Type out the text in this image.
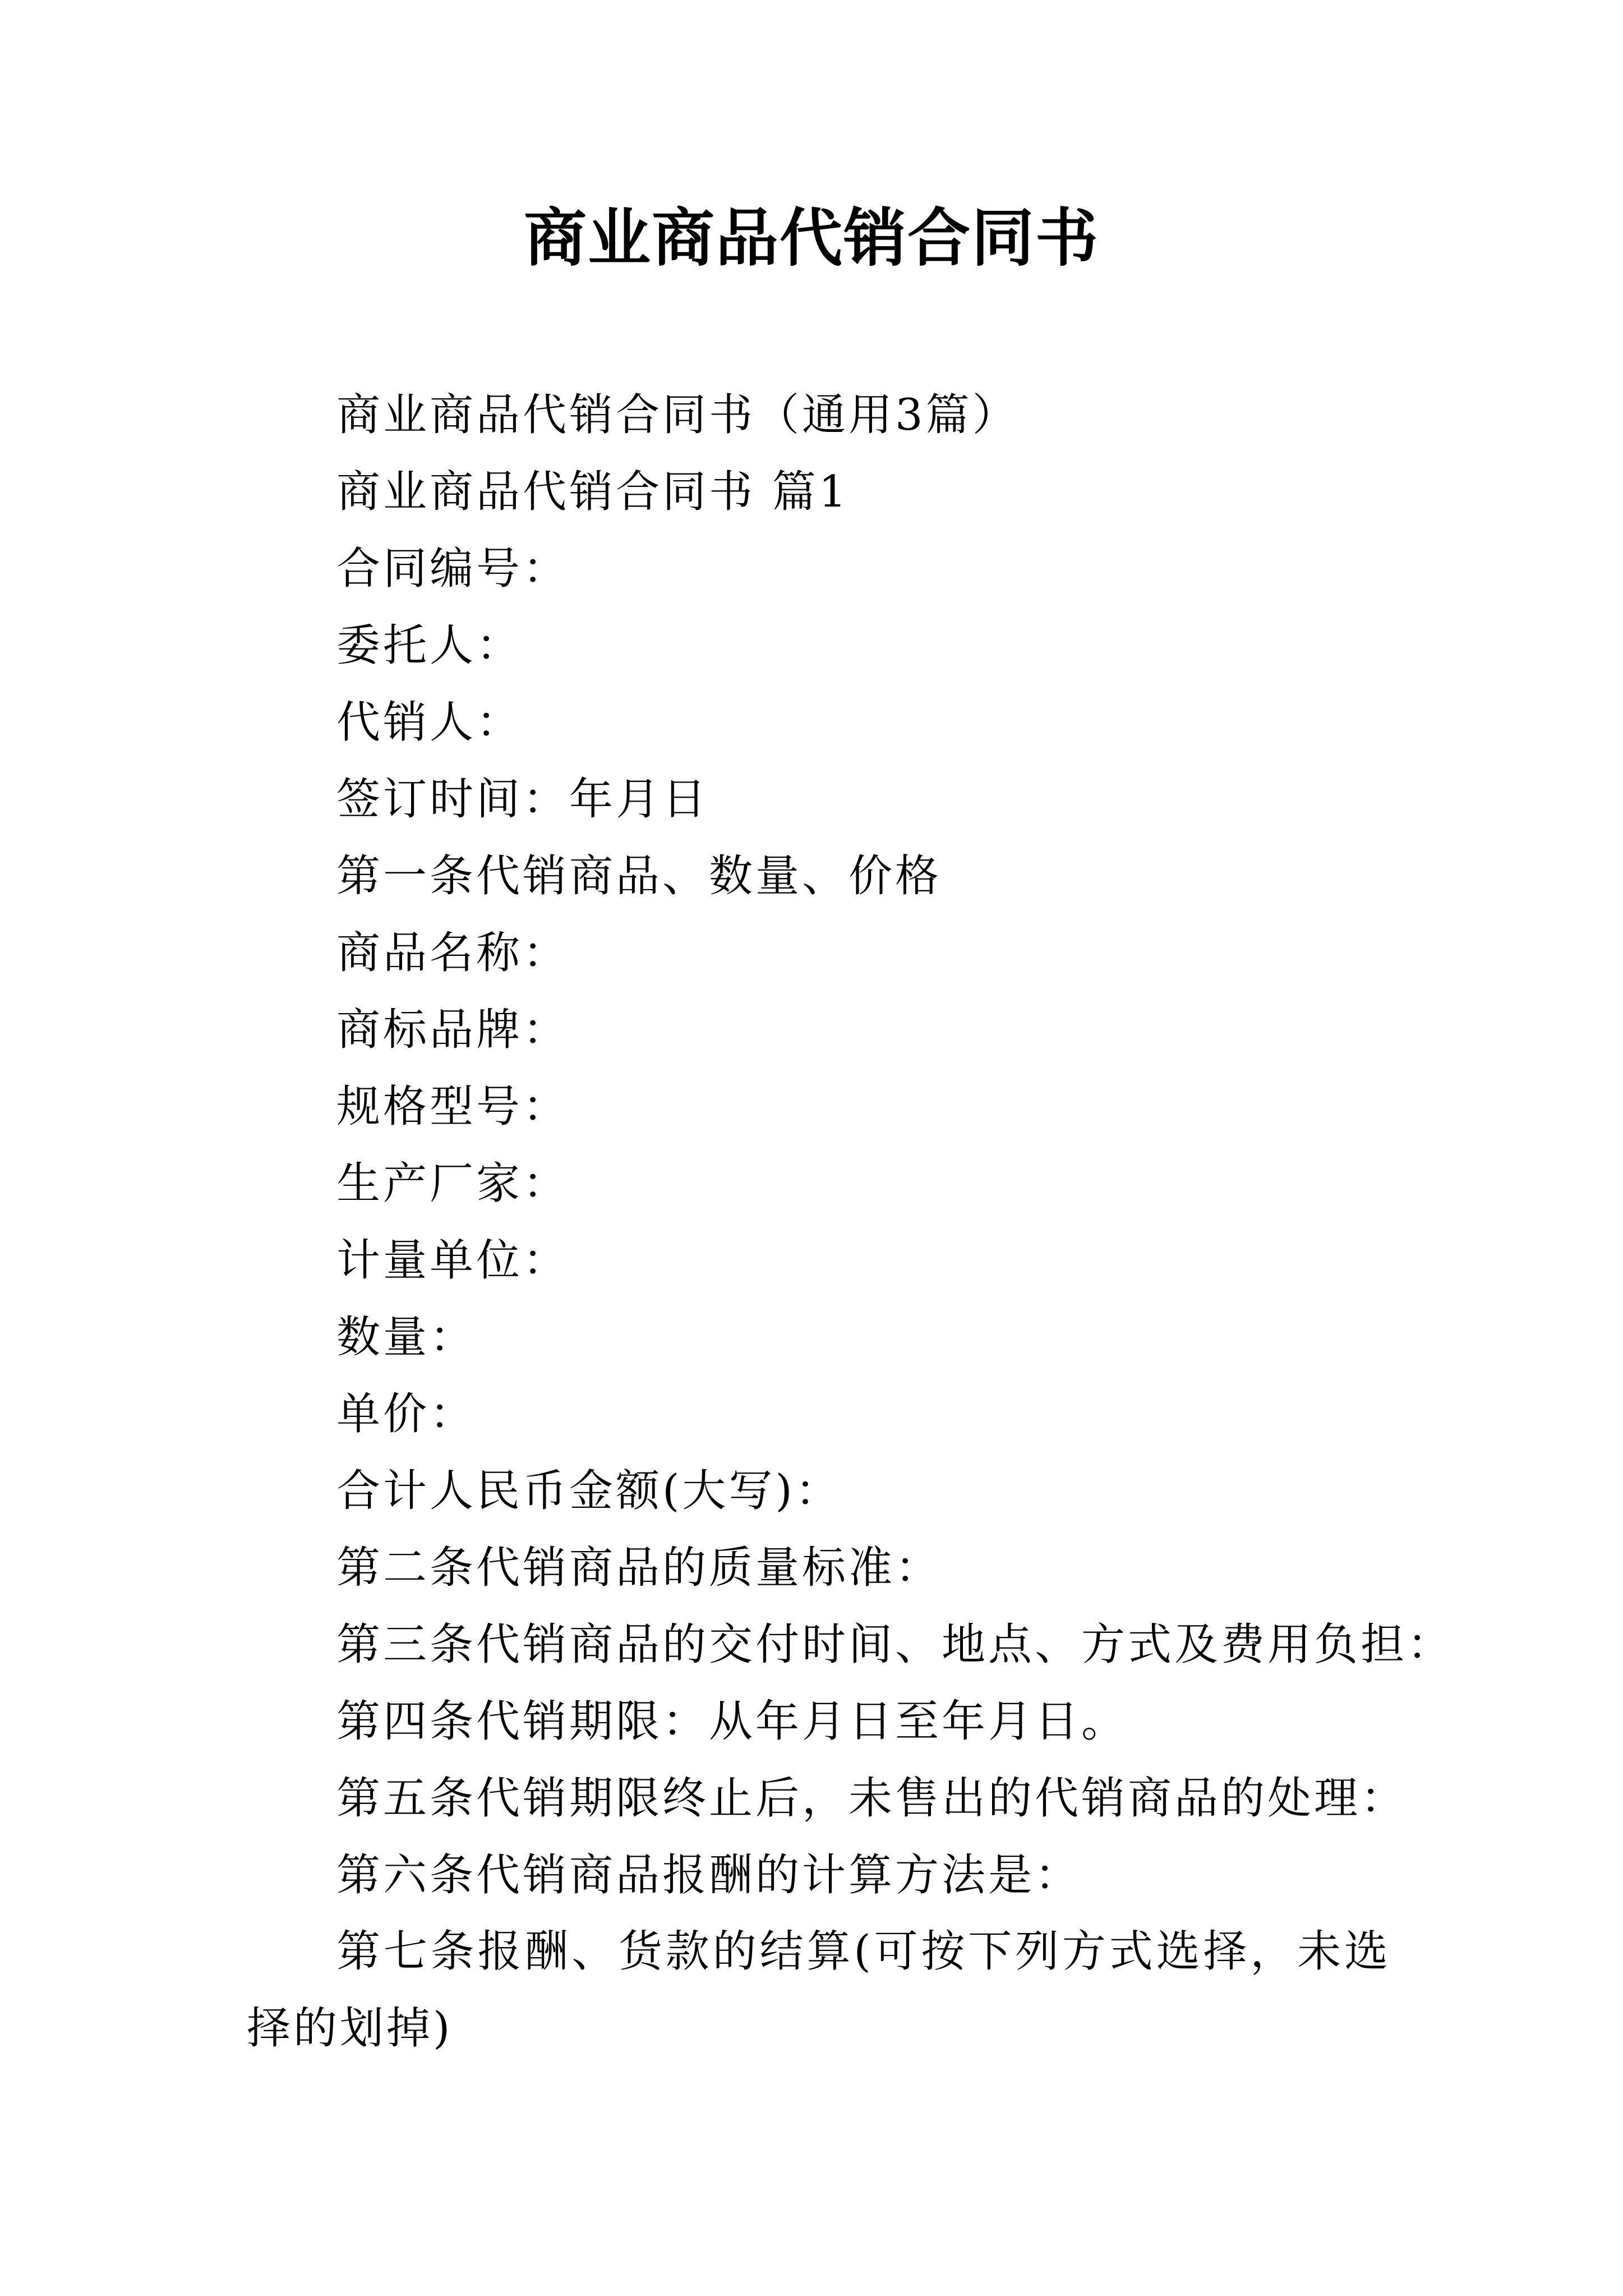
商业商品代销合同书
商业商品代销合同书（通用3篇）
商业商品代销合同书 篇1
合同编号：
委托人：
代销人：
签订时间：年月日
第一条代销商品、数量、价格
商品名称：
商标品牌：
规格型号：
生产厂家：
计量单位：
数量：
单价：
合计人民币金额(大写)：
第二条代销商品的质量标准：
第三条代销商品的交付时间、地点、方式及费用负担：
第四条代销期限：从年月日至年月日。
第五条代销期限终止后，未售出的代销商品的处理：
第六条代销商品报酬的计算方法是：
第七条报酬、货款的结算(可按下列方式选择，未选择的划掉)
